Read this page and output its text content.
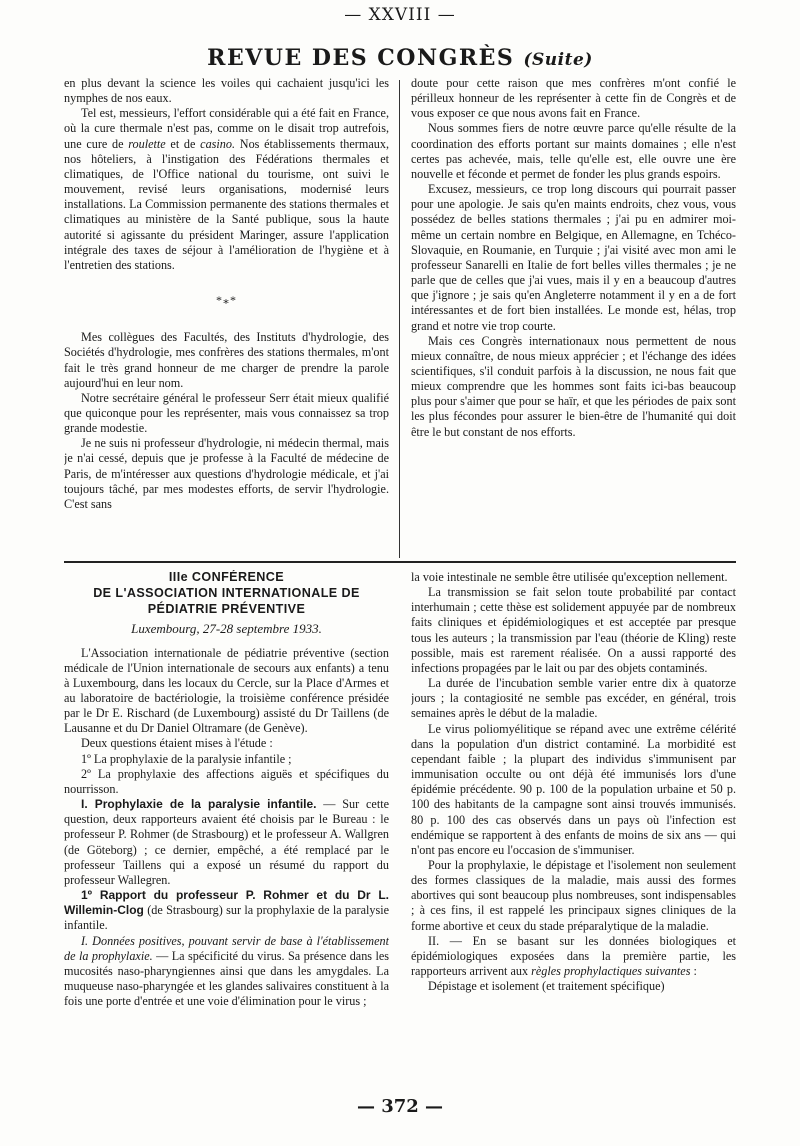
— XXVIII —
REVUE DES CONGRÈS (Suite)

en plus devant la science les voiles qui cachaient jusqu'ici les nymphes de nos eaux.

Tel est, messieurs, l'effort considérable qui a été fait en France, où la cure thermale n'est pas, comme on le disait trop autrefois, une cure de roulette et de casino. Nos établissements thermaux, nos hôteliers, à l'instigation des Fédérations thermales et climatiques, de l'Office national du tourisme, ont suivi le mouvement, revisé leurs organisations, modernisé leurs installations. La Commission permanente des stations thermales et climatiques au ministère de la Santé publique, sous la haute autorité si agissante du président Maringer, assure l'application intégrale des taxes de séjour à l'amélioration de l'hygiène et à l'entretien des stations.

*⁎*

Mes collègues des Facultés, des Instituts d'hydrologie, des Sociétés d'hydrologie, mes confrères des stations thermales, m'ont fait le très grand honneur de me charger de prendre la parole aujourd'hui en leur nom.

Notre secrétaire général le professeur Serr était mieux qualifié que quiconque pour les représenter, mais vous connaissez sa trop grande modestie.

Je ne suis ni professeur d'hydrologie, ni médecin thermal, mais je n'ai cessé, depuis que je professe à la Faculté de médecine de Paris, de m'intéresser aux questions d'hydrologie médicale, et j'ai toujours tâché, par mes modestes efforts, de servir l'hydrologie. C'est sans

doute pour cette raison que mes confrères m'ont confié le périlleux honneur de les représenter à cette fin de Congrès et de vous exposer ce que nous avons fait en France.

Nous sommes fiers de notre œuvre parce qu'elle résulte de la coordination des efforts portant sur maints domaines ; elle n'est certes pas achevée, mais, telle qu'elle est, elle ouvre une ère nouvelle et féconde et permet de fonder les plus grands espoirs.

Excusez, messieurs, ce trop long discours qui pourrait passer pour une apologie. Je sais qu'en maints endroits, chez vous, vous possédez de belles stations thermales ; j'ai pu en admirer moi-même un certain nombre en Belgique, en Allemagne, en Tchéco-Slovaquie, en Roumanie, en Turquie ; j'ai visité avec mon ami le professeur Sanarelli en Italie de fort belles villes thermales ; je ne parle que de celles que j'ai vues, mais il y en a beaucoup d'autres que j'ignore ; je sais qu'en Angleterre notamment il y en a de fort intéressantes et de fort bien installées. Le monde est, hélas, trop grand et notre vie trop courte.

Mais ces Congrès internationaux nous permettent de nous mieux connaître, de nous mieux apprécier ; et l'échange des idées scientifiques, s'il conduit parfois à la discussion, ne nous fait que mieux comprendre que les hommes sont faits ici-bas beaucoup plus pour s'aimer que pour se haïr, et que les périodes de paix sont les plus fécondes pour assurer le bien-être de l'humanité qui doit être le but constant de nos efforts.

IIIe CONFÉRENCE

DE L'ASSOCIATION INTERNATIONALE DE

PÉDIATRIE PRÉVENTIVE

Luxembourg, 27-28 septembre 1933.

L'Association internationale de pédiatrie préventive (section médicale de l'Union internationale de secours aux enfants) a tenu à Luxembourg, dans les locaux du Cercle, sur la Place d'Armes et au laboratoire de bactériologie, la troisième conférence présidée par le Dr E. Rischard (de Luxembourg) assisté du Dr Taillens (de Lausanne et du Dr Daniel Oltramare (de Genève).

Deux questions étaient mises à l'étude :

1º La prophylaxie de la paralysie infantile ;

2º La prophylaxie des affections aiguës et spécifiques du nourrisson.

I. Prophylaxie de la paralysie infantile. — Sur cette question, deux rapporteurs avaient été choisis par le Bureau : le professeur P. Rohmer (de Strasbourg) et le professeur A. Wallgren (de Göteborg) ; ce dernier, empêché, a été remplacé par le professeur Taillens qui a exposé un résumé du rapport du professeur Wallegren.

1º Rapport du professeur P. Rohmer et du Dr L. Willemin-Clog (de Strasbourg) sur la prophylaxie de la paralysie infantile.

I. Données positives, pouvant servir de base à l'établissement de la prophylaxie. — La spécificité du virus. Sa présence dans les mucosités naso-pharyngiennes ainsi que dans les amygdales. La muqueuse naso-pharyngée et les glandes salivaires constituent à la fois une porte d'entrée et une voie d'élimination pour le virus ;

la voie intestinale ne semble être utilisée qu'exception nellement.

La transmission se fait selon toute probabilité par contact interhumain ; cette thèse est solidement appuyée par de nombreux faits cliniques et épidémiologiques et est acceptée par presque tous les auteurs ; la transmission par l'eau (théorie de Kling) reste possible, mais est rarement réalisée. On a aussi rapporté des infections propagées par le lait ou par des objets contaminés.

La durée de l'incubation semble varier entre dix à quatorze jours ; la contagiosité ne semble pas excéder, en général, trois semaines après le début de la maladie.

Le virus poliomyélitique se répand avec une extrême célérité dans la population d'un district contaminé. La morbidité est cependant faible ; la plupart des individus s'immunisent par immunisation occulte ou ont déjà été immunisés lors d'une épidémie précédente. 90 p. 100 de la population urbaine et 50 p. 100 des habitants de la campagne sont ainsi trouvés immunisés. 80 p. 100 des cas observés dans un pays où l'infection est endémique se rapportent à des enfants de moins de six ans — qui n'ont pas encore eu l'occasion de s'immuniser.

Pour la prophylaxie, le dépistage et l'isolement non seulement des formes classiques de la maladie, mais aussi des formes abortives qui sont beaucoup plus nombreuses, sont indispensables ; à ces fins, il est rappelé les principaux signes cliniques de la forme abortive et ceux du stade préparalytique de la maladie.

II. — En se basant sur les données biologiques et épidémiologiques exposées dans la première partie, les rapporteurs arrivent aux règles prophylactiques suivantes :

Dépistage et isolement (et traitement spécifique)

— 372 —
